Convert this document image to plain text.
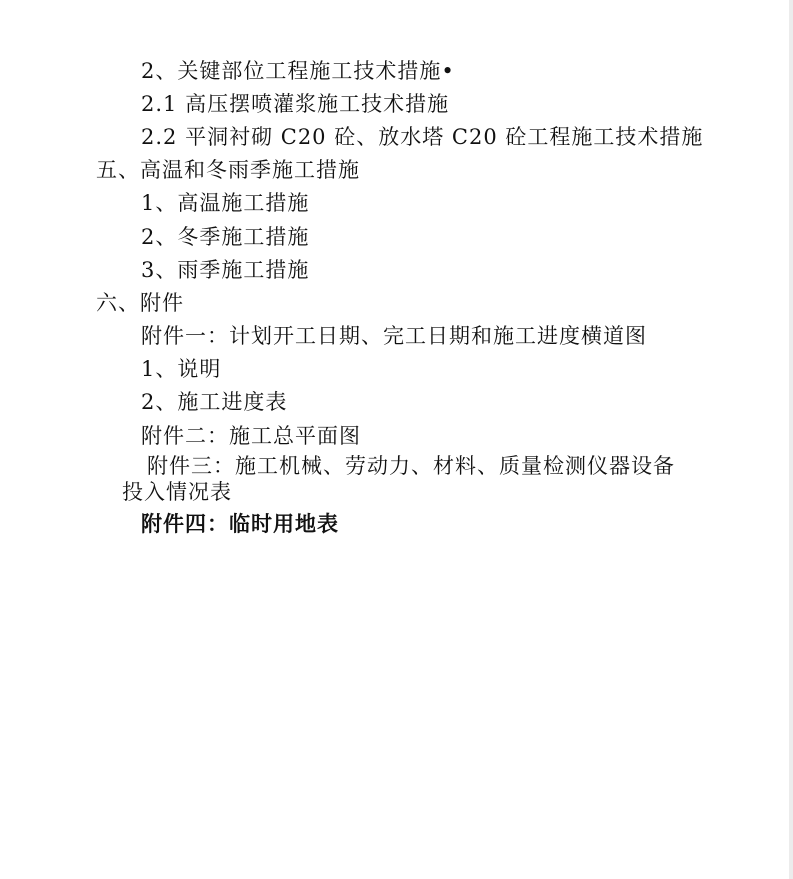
2、关键部位工程施工技术措施•
2.1 高压摆喷灌浆施工技术措施
2.2 平洞衬砌 C20 砼、放水塔 C20 砼工程施工技术措施
五、高温和冬雨季施工措施
1、高温施工措施
2、冬季施工措施
3、雨季施工措施
六、附件
附件一：计划开工日期、完工日期和施工进度横道图
1、说明
2、施工进度表
附件二：施工总平面图
附件三：施工机械、劳动力、材料、质量检测仪器设备
投入情况表
附件四：临时用地表
